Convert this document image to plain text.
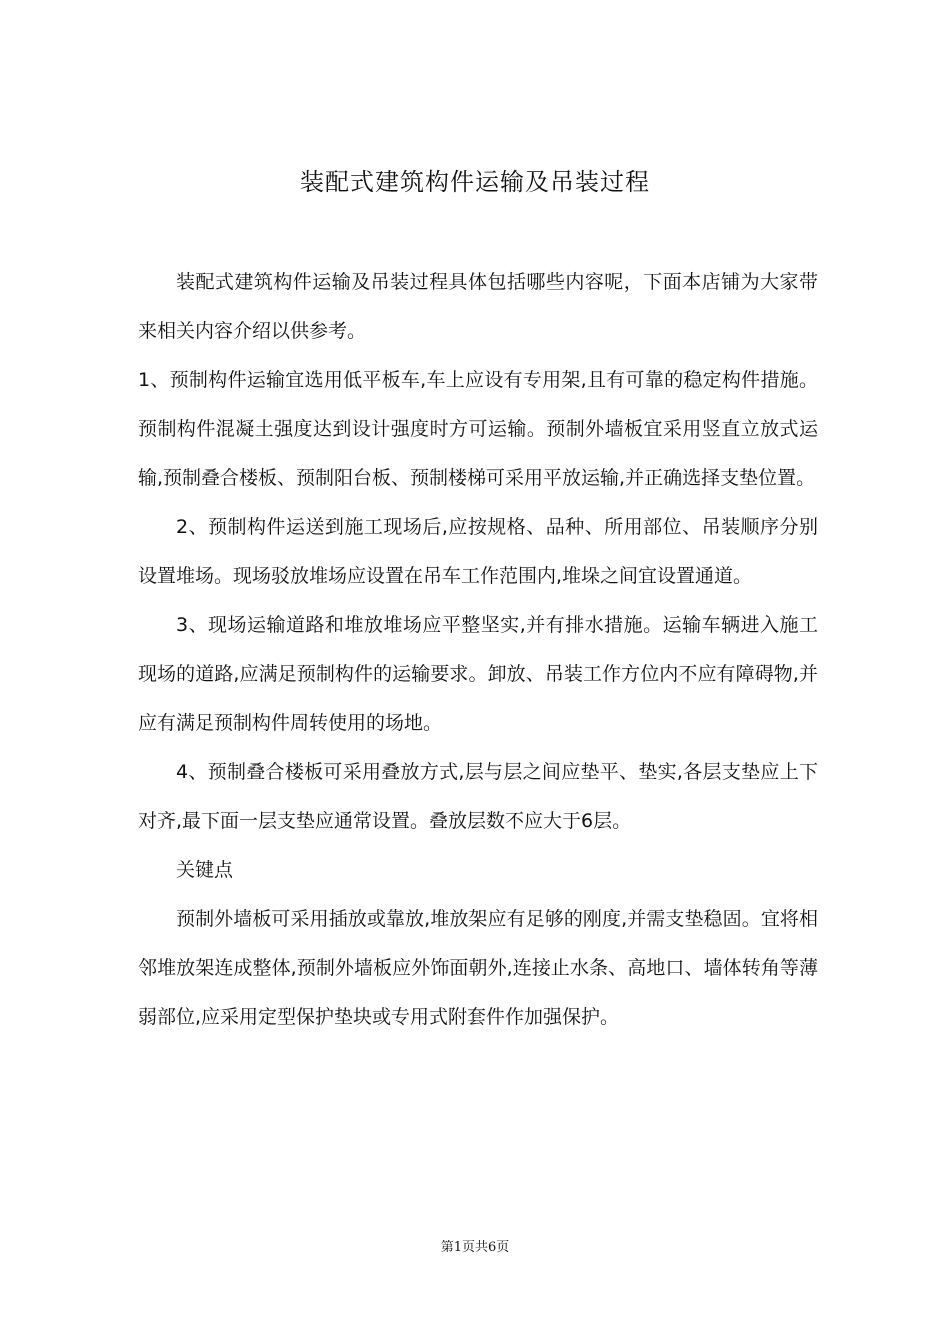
装配式建筑构件运输及吊装过程

装配式建筑构件运输及吊装过程具体包括哪些内容呢，下面本店铺为大家带来相关内容介绍以供参考。

1、预制构件运输宜选用低平板车,车上应设有专用架,且有可靠的稳定构件措施。预制构件混凝土强度达到设计强度时方可运输。预制外墙板宜采用竖直立放式运输,预制叠合楼板、预制阳台板、预制楼梯可采用平放运输,并正确选择支垫位置。

2、预制构件运送到施工现场后,应按规格、品种、所用部位、吊装顺序分别设置堆场。现场驳放堆场应设置在吊车工作范围内,堆垛之间宜设置通道。

3、现场运输道路和堆放堆场应平整坚实,并有排水措施。运输车辆进入施工现场的道路,应满足预制构件的运输要求。卸放、吊装工作方位内不应有障碍物,并应有满足预制构件周转使用的场地。

4、预制叠合楼板可采用叠放方式,层与层之间应垫平、垫实,各层支垫应上下对齐,最下面一层支垫应通常设置。叠放层数不应大于6层。

关键点

预制外墙板可采用插放或靠放,堆放架应有足够的刚度,并需支垫稳固。宜将相邻堆放架连成整体,预制外墙板应外饰面朝外,连接止水条、高地口、墙体转角等薄弱部位,应采用定型保护垫块或专用式附套件作加强保护。

第1页共6页
